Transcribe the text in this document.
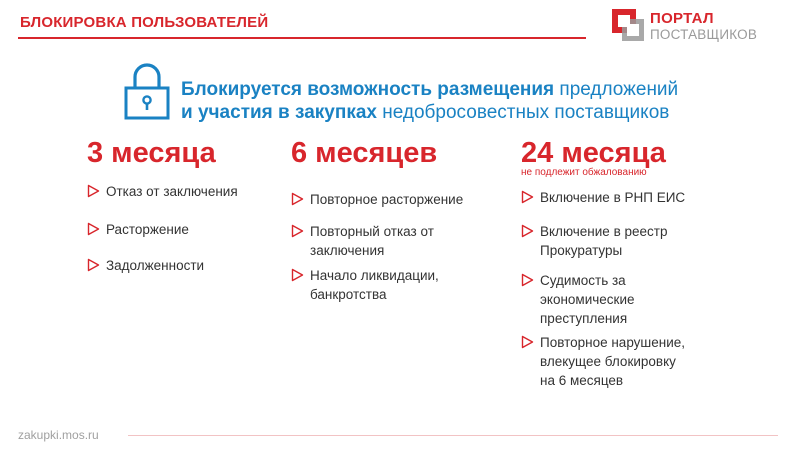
БЛОКИРОВКА ПОЛЬЗОВАТЕЛЕЙ	ПОРТАЛ
ПОСТАВЩИКОВ
Блокируется возможность размещения предложений
и участия в закупках недобросовестных поставщиков
3 месяца	6 месяцев	24 месяца
не подлежит обжалованию
Отказ от заключения
Расторжение
Задолженности
Повторное расторжение
Повторный отказ от
заключения
Начало ликвидации,
банкротства
Включение в РНП ЕИС
Включение в реестр
Прокуратуры
Судимость за
экономические
преступления
Повторное нарушение,
влекущее блокировку
на 6 месяцев
zakupki.mos.ru
